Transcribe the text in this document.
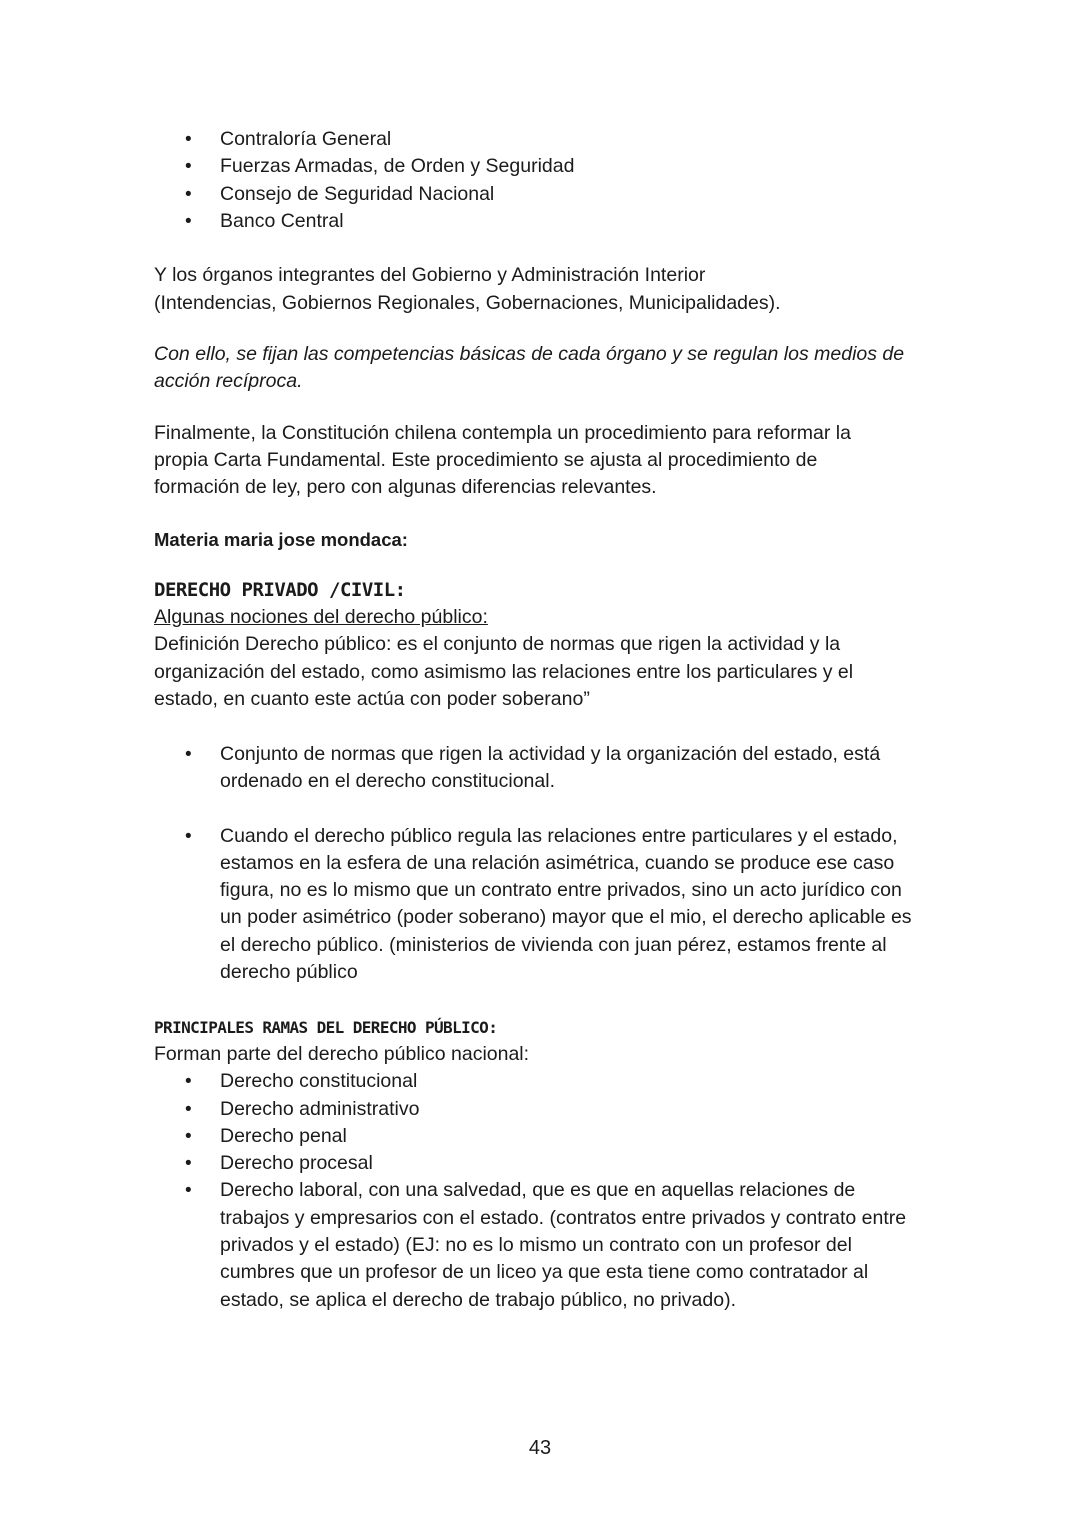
• Contraloría General
• Fuerzas Armadas, de Orden y Seguridad
• Consejo de Seguridad Nacional
• Banco Central

Y los órganos integrantes del Gobierno y Administración Interior
(Intendencias, Gobiernos Regionales, Gobernaciones, Municipalidades).

Con ello, se fijan las competencias básicas de cada órgano y se regulan los medios de acción recíproca.

Finalmente, la Constitución chilena contempla un procedimiento para reformar la propia Carta Fundamental. Este procedimiento se ajusta al procedimiento de formación de ley, pero con algunas diferencias relevantes.

Materia maria jose mondaca:

DERECHO PRIVADO /CIVIL:

Algunas nociones del derecho público:

Definición Derecho público: es el conjunto de normas que rigen la actividad y la organización del estado, como asimismo las relaciones entre los particulares y el estado, en cuanto este actúa con poder soberano”

• Conjunto de normas que rigen la actividad y la organización del estado, está ordenado en el derecho constitucional.
• Cuando el derecho público regula las relaciones entre particulares y el estado, estamos en la esfera de una relación asimétrica, cuando se produce ese caso figura, no es lo mismo que un contrato entre privados, sino un acto jurídico con un poder asimétrico (poder soberano) mayor que el mio, el derecho aplicable es el derecho público. (ministerios de vivienda con juan pérez, estamos frente al derecho público

PRINCIPALES RAMAS DEL DERECHO PÚBLICO:

Forman parte del derecho público nacional:

• Derecho constitucional
• Derecho administrativo
• Derecho penal
• Derecho procesal
• Derecho laboral, con una salvedad, que es que en aquellas relaciones de trabajos y empresarios con el estado. (contratos entre privados y contrato entre privados y el estado) (EJ: no es lo mismo un contrato con un profesor del cumbres que un profesor de un liceo ya que esta tiene como contratador al estado, se aplica el derecho de trabajo público, no privado).
43
